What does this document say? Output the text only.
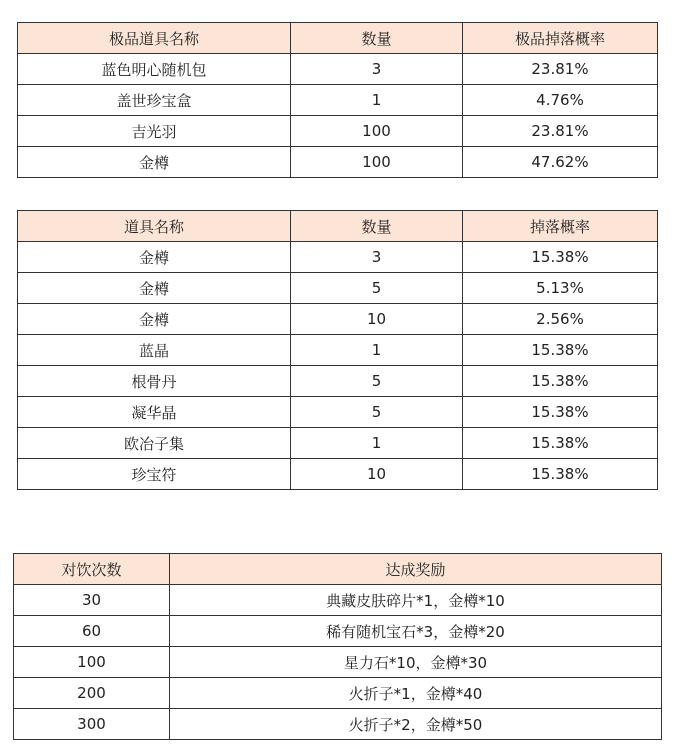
极品道具名称	数量	极品掉落概率
蓝色明心随机包	3	23.81%
盖世珍宝盒	1	4.76%
吉光羽	100	23.81%
金樽	100	47.62%
道具名称	数量	掉落概率
金樽	3	15.38%
金樽	5	5.13%
金樽	10	2.56%
蓝晶	1	15.38%
根骨丹	5	15.38%
凝华晶	5	15.38%
欧冶子集	1	15.38%
珍宝符	10	15.38%
对饮次数	达成奖励
30	典藏皮肤碎片*1，金樽*10
60	稀有随机宝石*3，金樽*20
100	星力石*10，金樽*30
200	火折子*1，金樽*40
300	火折子*2，金樽*50
